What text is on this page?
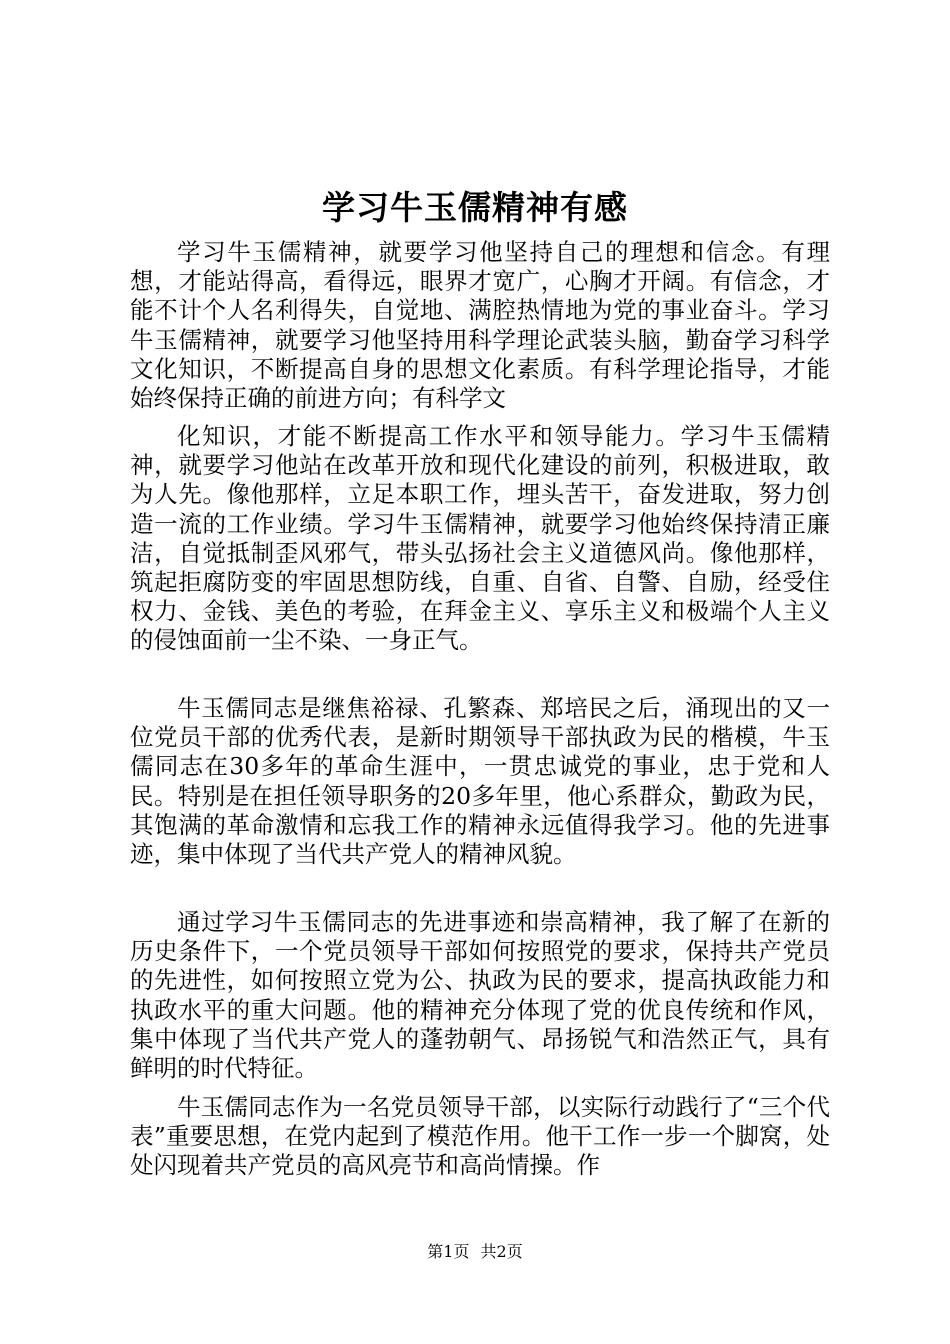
学习牛玉儒精神有感

学习牛玉儒精神，就要学习他坚持自己的理想和信念。有理想，才能站得高，看得远，眼界才宽广，心胸才开阔。有信念，才能不计个人名利得失，自觉地、满腔热情地为党的事业奋斗。学习牛玉儒精神，就要学习他坚持用科学理论武装头脑，勤奋学习科学文化知识，不断提高自身的思想文化素质。有科学理论指导，才能始终保持正确的前进方向；有科学文

化知识，才能不断提高工作水平和领导能力。学习牛玉儒精神，就要学习他站在改革开放和现代化建设的前列，积极进取，敢为人先。像他那样，立足本职工作，埋头苦干，奋发进取，努力创造一流的工作业绩。学习牛玉儒精神，就要学习他始终保持清正廉洁，自觉抵制歪风邪气，带头弘扬社会主义道德风尚。像他那样，筑起拒腐防变的牢固思想防线，自重、自省、自警、自励，经受住权力、金钱、美色的考验，在拜金主义、享乐主义和极端个人主义的侵蚀面前一尘不染、一身正气。

牛玉儒同志是继焦裕禄、孔繁森、郑培民之后，涌现出的又一位党员干部的优秀代表，是新时期领导干部执政为民的楷模，牛玉儒同志在30多年的革命生涯中，一贯忠诚党的事业，忠于党和人民。特别是在担任领导职务的20多年里，他心系群众，勤政为民，其饱满的革命激情和忘我工作的精神永远值得我学习。他的先进事迹，集中体现了当代共产党人的精神风貌。

通过学习牛玉儒同志的先进事迹和崇高精神，我了解了在新的历史条件下，一个党员领导干部如何按照党的要求，保持共产党员的先进性，如何按照立党为公、执政为民的要求，提高执政能力和执政水平的重大问题。他的精神充分体现了党的优良传统和作风，集中体现了当代共产党人的蓬勃朝气、昂扬锐气和浩然正气，具有鲜明的时代特征。

牛玉儒同志作为一名党员领导干部，以实际行动践行了“三个代表”重要思想，在党内起到了模范作用。他干工作一步一个脚窝，处处闪现着共产党员的高风亮节和高尚情操。作

第1页 共2页
